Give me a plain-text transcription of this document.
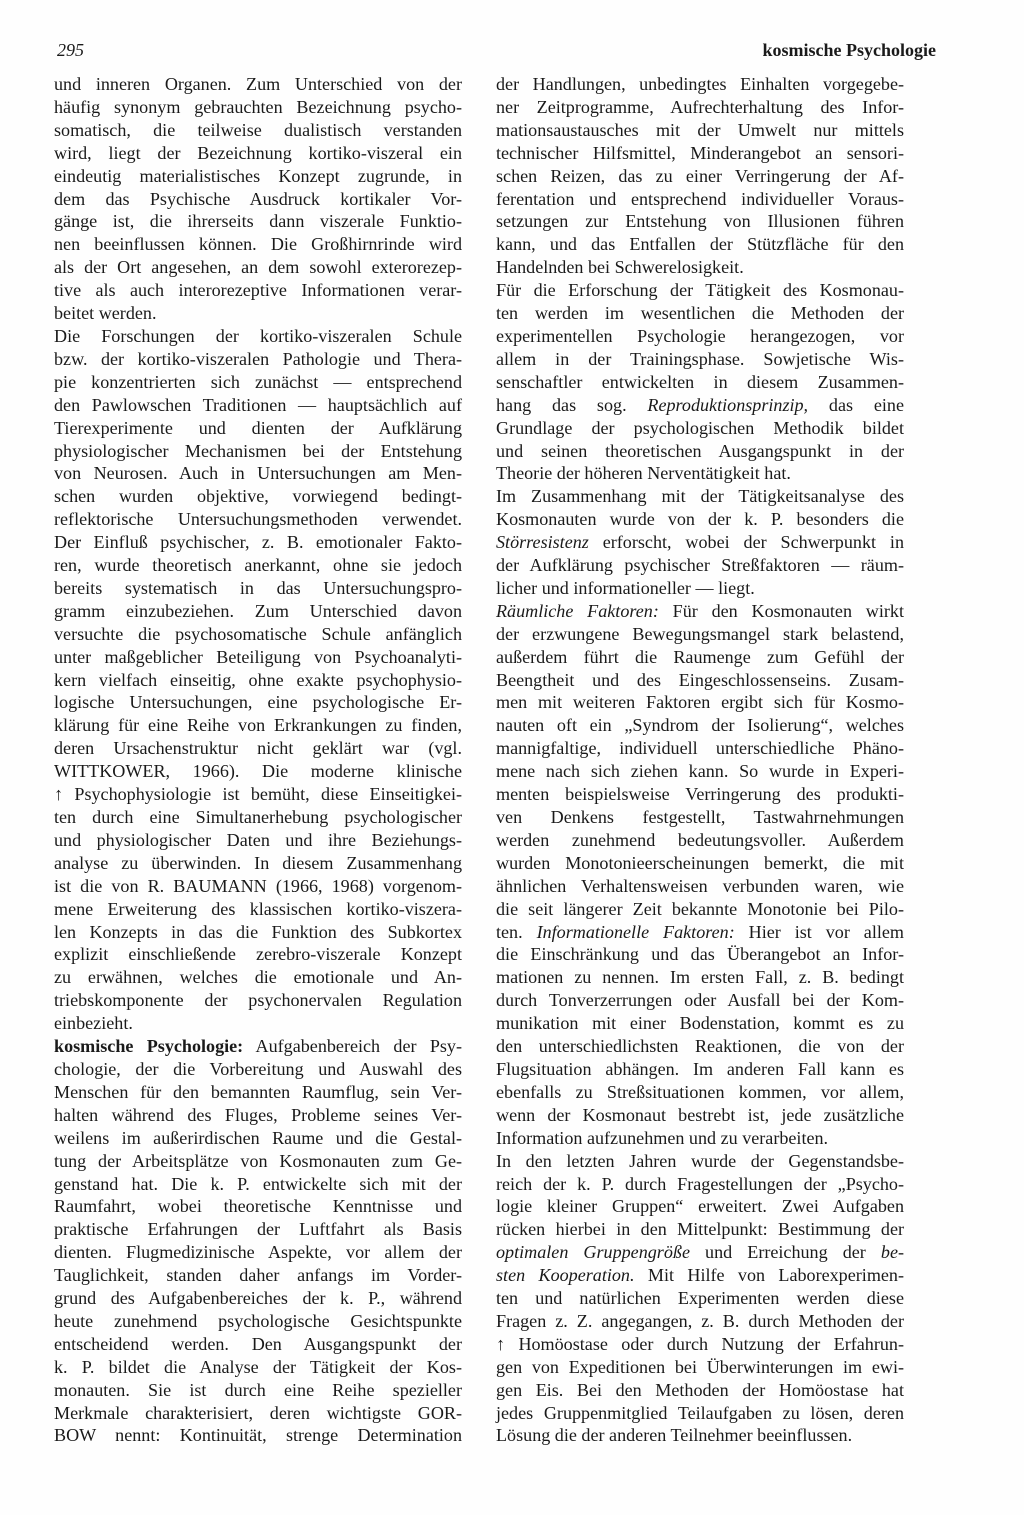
295	kosmische Psychologie
und inneren Organen. Zum Unterschied von der
häufig synonym gebrauchten Bezeichnung psycho-
somatisch, die teilweise dualistisch verstanden
wird, liegt der Bezeichnung kortiko-viszeral ein
eindeutig materialistisches Konzept zugrunde, in
dem das Psychische Ausdruck kortikaler Vor-
gänge ist, die ihrerseits dann viszerale Funktio-
nen beeinflussen können. Die Großhirnrinde wird
als der Ort angesehen, an dem sowohl exterorezep-
tive als auch interorezeptive Informationen verar-
beitet werden.
Die Forschungen der kortiko-viszeralen Schule
bzw. der kortiko-viszeralen Pathologie und Thera-
pie konzentrierten sich zunächst — entsprechend
den Pawlowschen Traditionen — hauptsächlich auf
Tierexperimente und dienten der Aufklärung
physiologischer Mechanismen bei der Entstehung
von Neurosen. Auch in Untersuchungen am Men-
schen wurden objektive, vorwiegend bedingt-
reflektorische Untersuchungsmethoden verwendet.
Der Einfluß psychischer, z. B. emotionaler Fakto-
ren, wurde theoretisch anerkannt, ohne sie jedoch
bereits systematisch in das Untersuchungspro-
gramm einzubeziehen. Zum Unterschied davon
versuchte die psychosomatische Schule anfänglich
unter maßgeblicher Beteiligung von Psychoanalyti-
kern vielfach einseitig, ohne exakte psychophysio-
logische Untersuchungen, eine psychologische Er-
klärung für eine Reihe von Erkrankungen zu finden,
deren Ursachenstruktur nicht geklärt war (vgl.
WITTKOWER, 1966). Die moderne klinische
↑ Psychophysiologie ist bemüht, diese Einseitigkei-
ten durch eine Simultanerhebung psychologischer
und physiologischer Daten und ihre Beziehungs-
analyse zu überwinden. In diesem Zusammenhang
ist die von R. BAUMANN (1966, 1968) vorgenom-
mene Erweiterung des klassischen kortiko-viszera-
len Konzepts in das die Funktion des Subkortex
explizit einschließende zerebro-viszerale Konzept
zu erwähnen, welches die emotionale und An-
triebskomponente der psychonervalen Regulation
einbezieht.
kosmische Psychologie: Aufgabenbereich der Psy-
chologie, der die Vorbereitung und Auswahl des
Menschen für den bemannten Raumflug, sein Ver-
halten während des Fluges, Probleme seines Ver-
weilens im außerirdischen Raume und die Gestal-
tung der Arbeitsplätze von Kosmonauten zum Ge-
genstand hat. Die k. P. entwickelte sich mit der
Raumfahrt, wobei theoretische Kenntnisse und
praktische Erfahrungen der Luftfahrt als Basis
dienten. Flugmedizinische Aspekte, vor allem der
Tauglichkeit, standen daher anfangs im Vorder-
grund des Aufgabenbereiches der k. P., während
heute zunehmend psychologische Gesichtspunkte
entscheidend werden. Den Ausgangspunkt der
k. P. bildet die Analyse der Tätigkeit der Kos-
monauten. Sie ist durch eine Reihe spezieller
Merkmale charakterisiert, deren wichtigste GOR-
BOW nennt: Kontinuität, strenge Determination
der Handlungen, unbedingtes Einhalten vorgegebe-
ner Zeitprogramme, Aufrechterhaltung des Infor-
mationsaustausches mit der Umwelt nur mittels
technischer Hilfsmittel, Minderangebot an sensori-
schen Reizen, das zu einer Verringerung der Af-
ferentation und entsprechend individueller Voraus-
setzungen zur Entstehung von Illusionen führen
kann, und das Entfallen der Stützfläche für den
Handelnden bei Schwerelosigkeit.
Für die Erforschung der Tätigkeit des Kosmonau-
ten werden im wesentlichen die Methoden der
experimentellen Psychologie herangezogen, vor
allem in der Trainingsphase. Sowjetische Wis-
senschaftler entwickelten in diesem Zusammen-
hang das sog. Reproduktionsprinzip, das eine
Grundlage der psychologischen Methodik bildet
und seinen theoretischen Ausgangspunkt in der
Theorie der höheren Nerventätigkeit hat.
Im Zusammenhang mit der Tätigkeitsanalyse des
Kosmonauten wurde von der k. P. besonders die
Störresistenz erforscht, wobei der Schwerpunkt in
der Aufklärung psychischer Streßfaktoren — räum-
licher und informationeller — liegt.
Räumliche Faktoren: Für den Kosmonauten wirkt
der erzwungene Bewegungsmangel stark belastend,
außerdem führt die Raumenge zum Gefühl der
Beengtheit und des Eingeschlossenseins. Zusam-
men mit weiteren Faktoren ergibt sich für Kosmo-
nauten oft ein „Syndrom der Isolierung“, welches
mannigfaltige, individuell unterschiedliche Phäno-
mene nach sich ziehen kann. So wurde in Experi-
menten beispielsweise Verringerung des produkti-
ven Denkens festgestellt, Tastwahrnehmungen
werden zunehmend bedeutungsvoller. Außerdem
wurden Monotonieerscheinungen bemerkt, die mit
ähnlichen Verhaltensweisen verbunden waren, wie
die seit längerer Zeit bekannte Monotonie bei Pilo-
ten. Informationelle Faktoren: Hier ist vor allem
die Einschränkung und das Überangebot an Infor-
mationen zu nennen. Im ersten Fall, z. B. bedingt
durch Tonverzerrungen oder Ausfall bei der Kom-
munikation mit einer Bodenstation, kommt es zu
den unterschiedlichsten Reaktionen, die von der
Flugsituation abhängen. Im anderen Fall kann es
ebenfalls zu Streßsituationen kommen, vor allem,
wenn der Kosmonaut bestrebt ist, jede zusätzliche
Information aufzunehmen und zu verarbeiten.
In den letzten Jahren wurde der Gegenstandsbe-
reich der k. P. durch Fragestellungen der „Psycho-
logie kleiner Gruppen“ erweitert. Zwei Aufgaben
rücken hierbei in den Mittelpunkt: Bestimmung der
optimalen Gruppengröße und Erreichung der be-
sten Kooperation. Mit Hilfe von Laborexperimen-
ten und natürlichen Experimenten werden diese
Fragen z. Z. angegangen, z. B. durch Methoden der
↑ Homöostase oder durch Nutzung der Erfahrun-
gen von Expeditionen bei Überwinterungen im ewi-
gen Eis. Bei den Methoden der Homöostase hat
jedes Gruppenmitglied Teilaufgaben zu lösen, deren
Lösung die der anderen Teilnehmer beeinflussen.
